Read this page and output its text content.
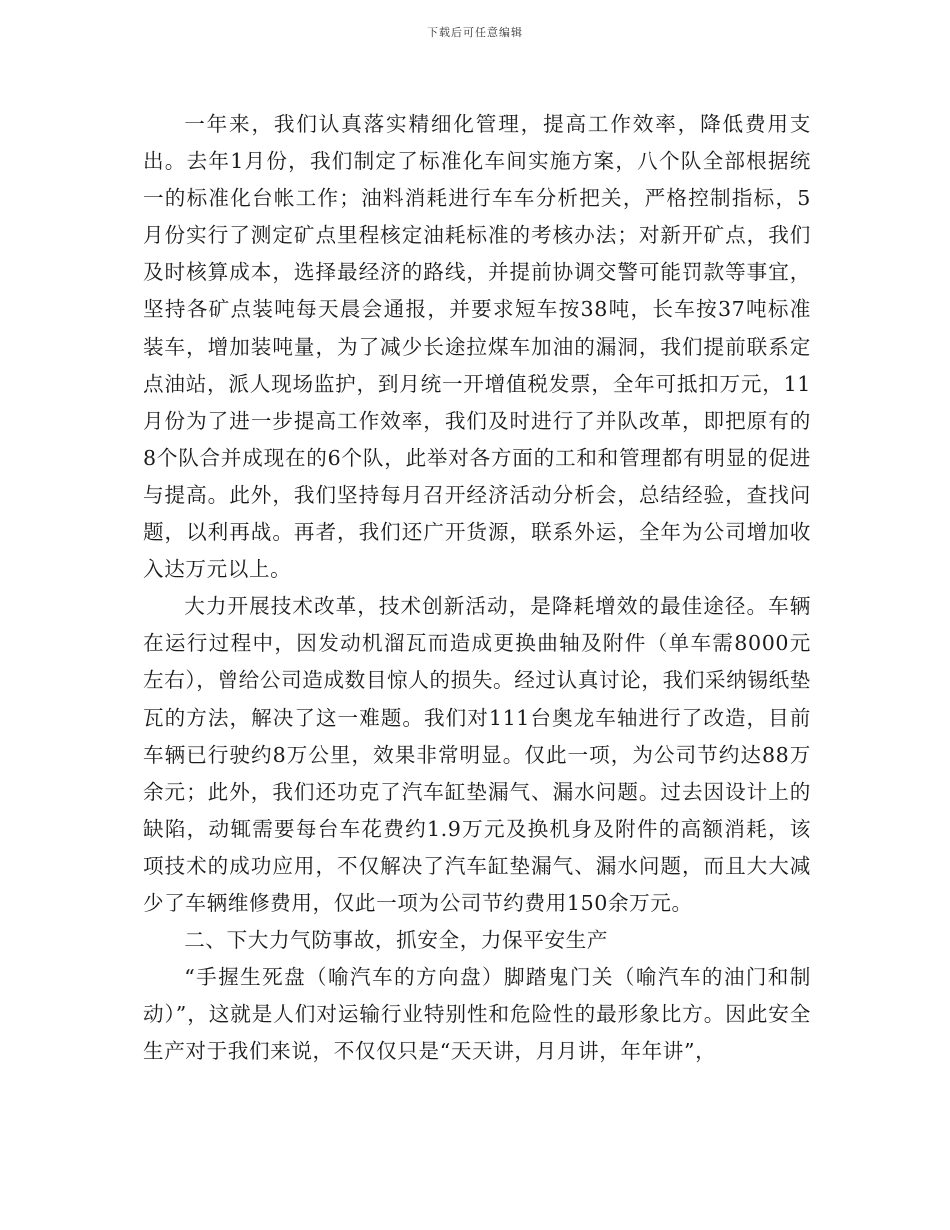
下载后可任意编辑

一年来，我们认真落实精细化管理，提高工作效率，降低费用支出。去年1月份，我们制定了标准化车间实施方案，八个队全部根据统一的标准化台帐工作；油料消耗进行车车分析把关，严格控制指标，5月份实行了测定矿点里程核定油耗标准的考核办法；对新开矿点，我们及时核算成本，选择最经济的路线，并提前协调交警可能罚款等事宜，坚持各矿点装吨每天晨会通报，并要求短车按38吨，长车按37吨标准装车，增加装吨量，为了减少长途拉煤车加油的漏洞，我们提前联系定点油站，派人现场监护，到月统一开增值税发票，全年可抵扣万元，11月份为了进一步提高工作效率，我们及时进行了并队改革，即把原有的8个队合并成现在的6个队，此举对各方面的工和和管理都有明显的促进与提高。此外，我们坚持每月召开经济活动分析会，总结经验，查找问题，以利再战。再者，我们还广开货源，联系外运，全年为公司增加收入达万元以上。

大力开展技术改革，技术创新活动，是降耗增效的最佳途径。车辆在运行过程中，因发动机溜瓦而造成更换曲轴及附件（单车需8000元左右），曾给公司造成数目惊人的损失。经过认真讨论，我们采纳锡纸垫瓦的方法，解决了这一难题。我们对111台奥龙车轴进行了改造，目前车辆已行驶约8万公里，效果非常明显。仅此一项，为公司节约达88万余元；此外，我们还功克了汽车缸垫漏气、漏水问题。过去因设计上的缺陷，动辄需要每台车花费约1.9万元及换机身及附件的高额消耗，该项技术的成功应用，不仅解决了汽车缸垫漏气、漏水问题，而且大大减少了车辆维修费用，仅此一项为公司节约费用150余万元。

二、下大力气防事故，抓安全，力保平安生产

“手握生死盘（喻汽车的方向盘）脚踏鬼门关（喻汽车的油门和制动）”，这就是人们对运输行业特别性和危险性的最形象比方。因此安全生产对于我们来说，不仅仅只是“天天讲，月月讲，年年讲”，
